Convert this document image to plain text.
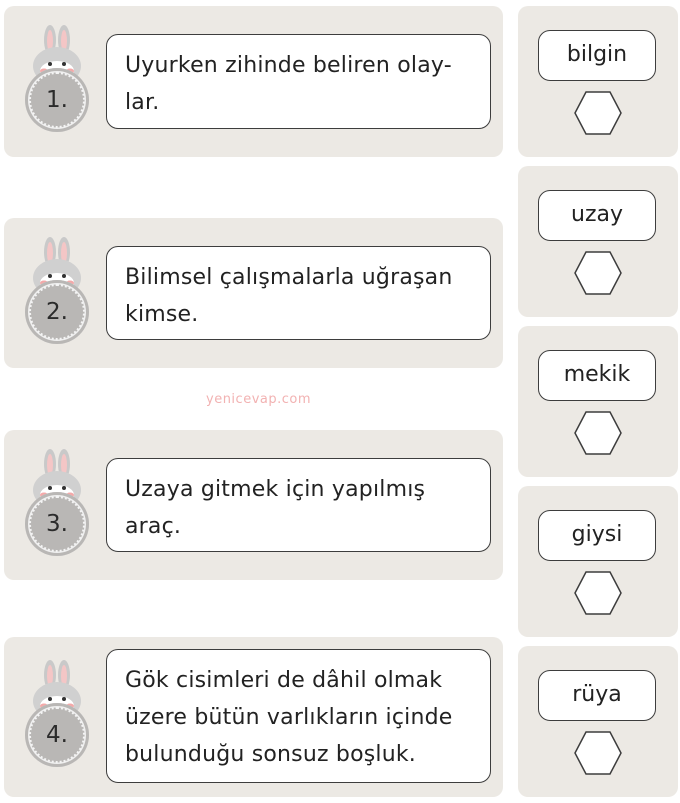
1.
Uyurken zihinde beliren olay-
lar.
2.
Bilimsel çalışmalarla uğraşan
kimse.
yenicevap.com
3.
Uzaya gitmek için yapılmış
araç.
4.
Gök cisimleri de dâhil olmak
üzere bütün varlıkların içinde
bulunduğu sonsuz boşluk.
bilgin
uzay
mekik
giysi
rüya
